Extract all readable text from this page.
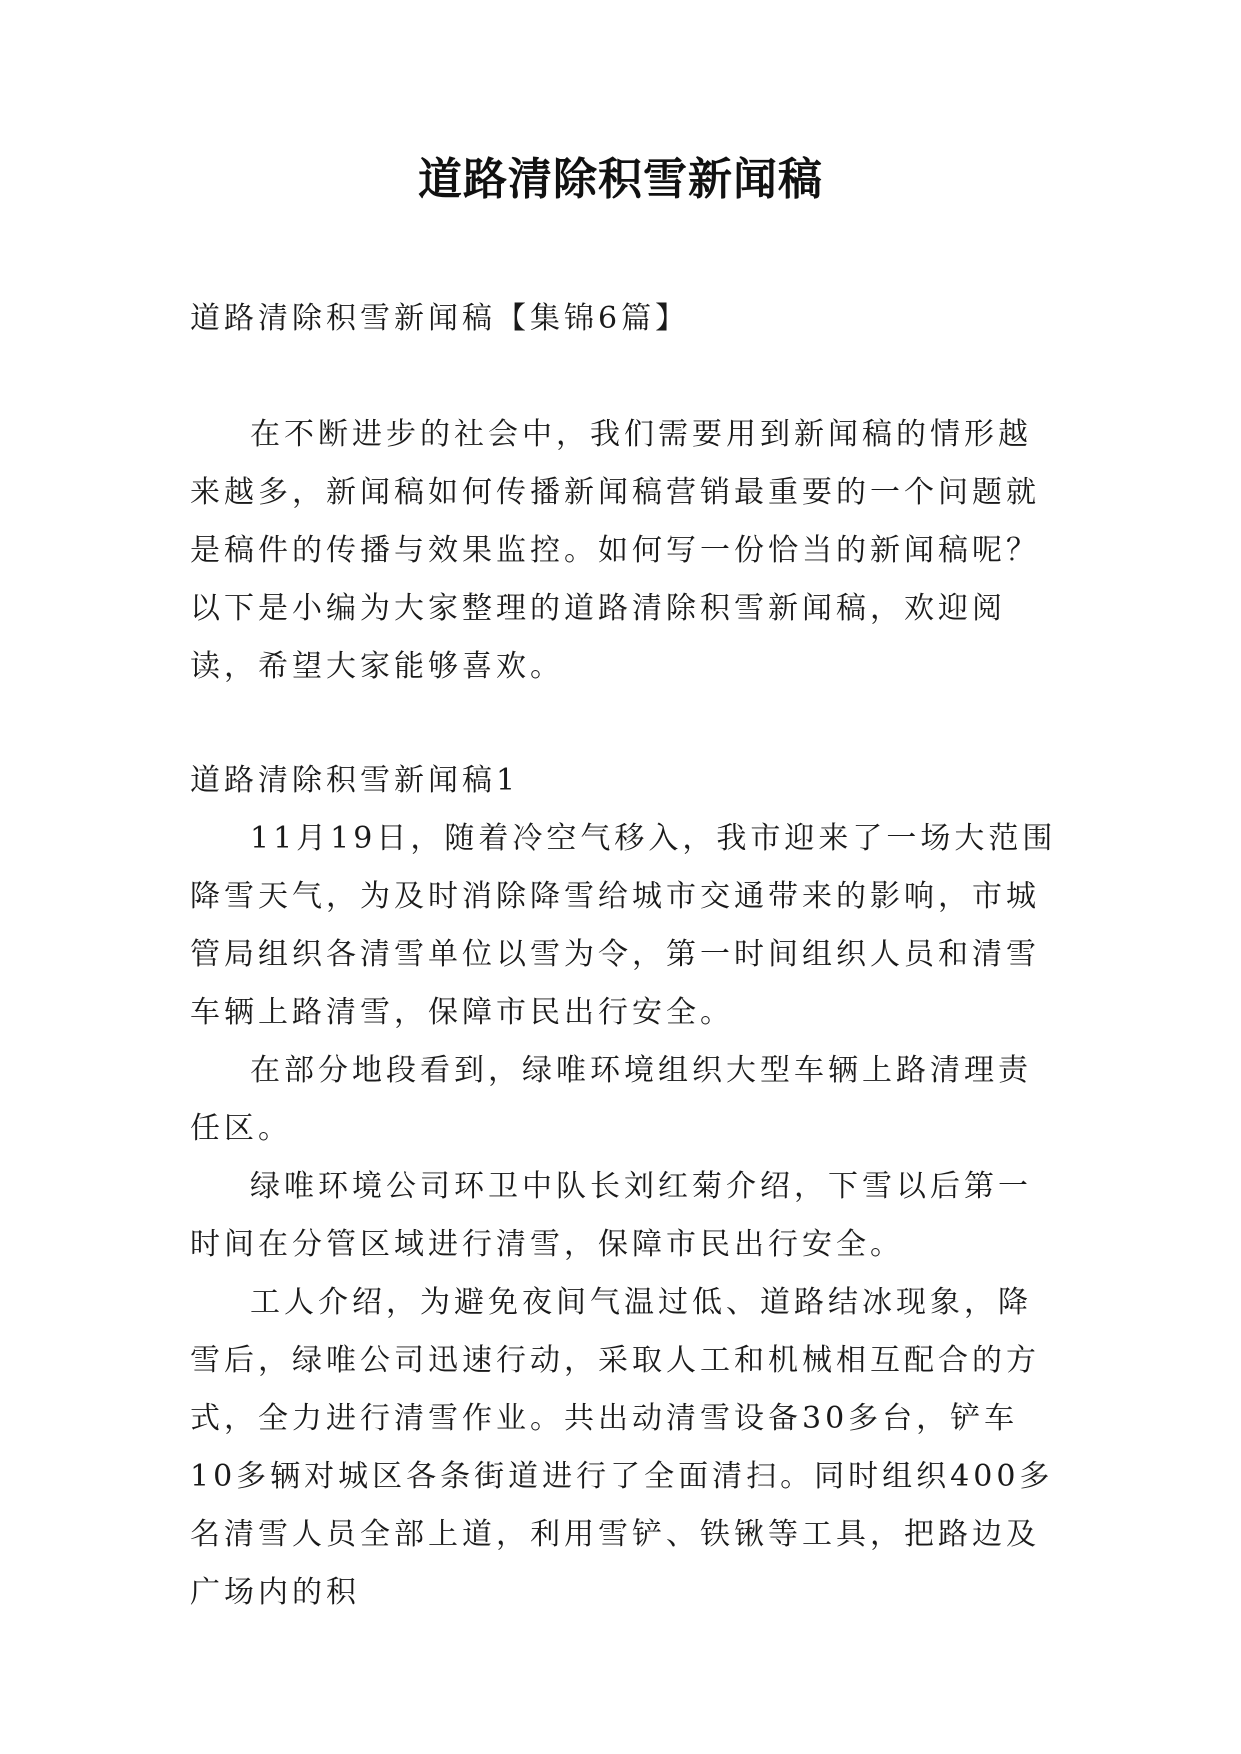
道路清除积雪新闻稿

道路清除积雪新闻稿【集锦6篇】

在不断进步的社会中，我们需要用到新闻稿的情形越来越多，新闻稿如何传播新闻稿营销最重要的一个问题就是稿件的传播与效果监控。如何写一份恰当的新闻稿呢？以下是小编为大家整理的道路清除积雪新闻稿，欢迎阅读，希望大家能够喜欢。

道路清除积雪新闻稿1

11月19日，随着冷空气移入，我市迎来了一场大范围降雪天气，为及时消除降雪给城市交通带来的影响，市城管局组织各清雪单位以雪为令，第一时间组织人员和清雪车辆上路清雪，保障市民出行安全。

在部分地段看到，绿唯环境组织大型车辆上路清理责任区。

绿唯环境公司环卫中队长刘红菊介绍，下雪以后第一时间在分管区域进行清雪，保障市民出行安全。

工人介绍，为避免夜间气温过低、道路结冰现象，降雪后，绿唯公司迅速行动，采取人工和机械相互配合的方式，全力进行清雪作业。共出动清雪设备30多台，铲车10多辆对城区各条街道进行了全面清扫。同时组织400多名清雪人员全部上道，利用雪铲、铁锹等工具，把路边及广场内的积
